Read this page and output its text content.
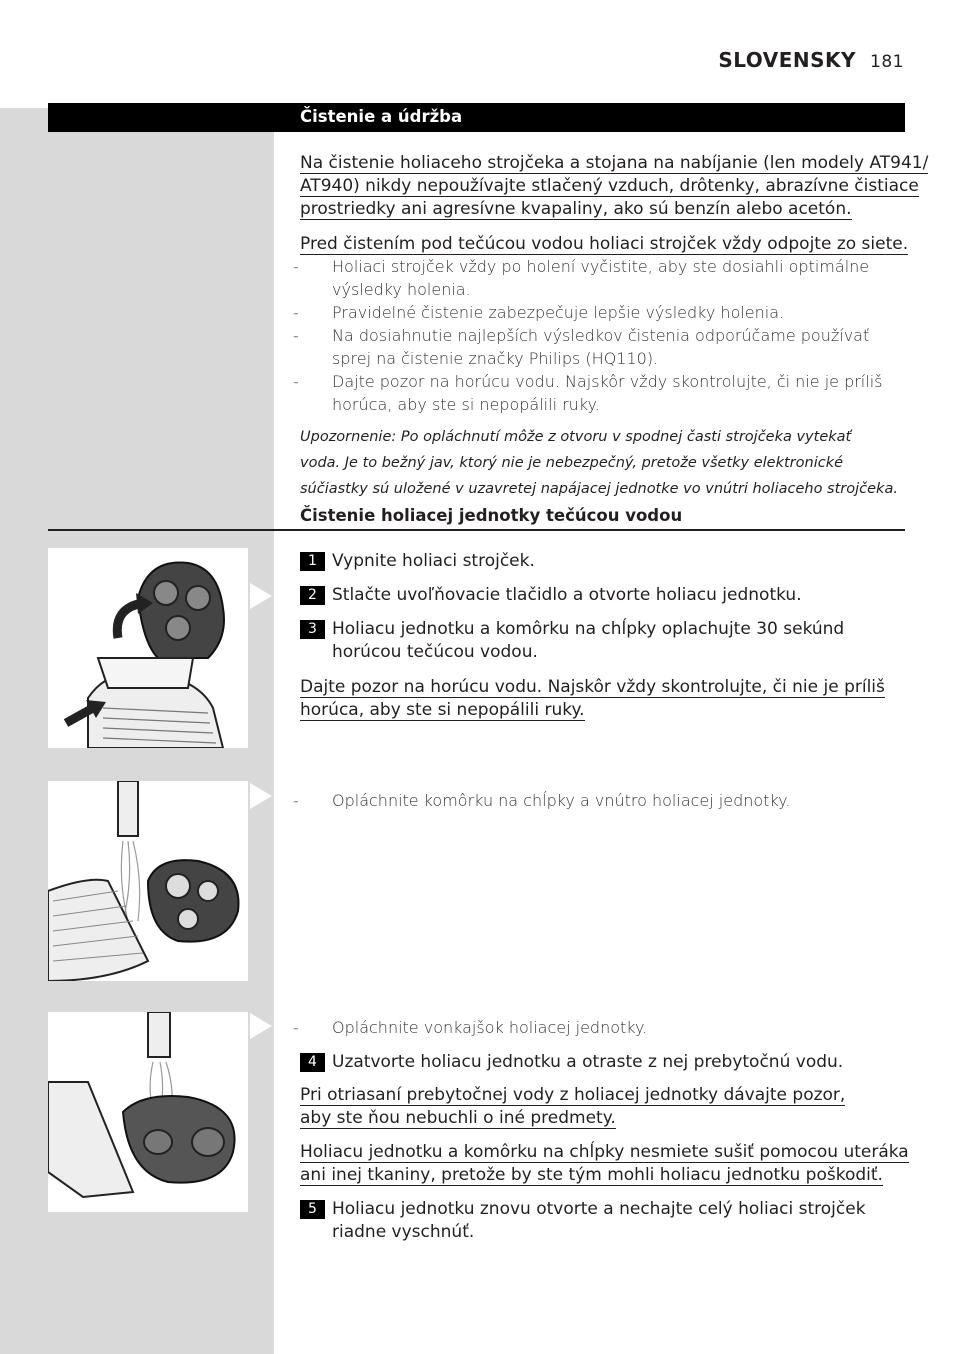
SLOVENSKY 181
Čistenie a údržba
Na čistenie holiaceho strojčeka a stojana na nabíjanie (len modely AT941/
AT940) nikdy nepoužívajte stlačený vzduch, drôtenky, abrazívne čistiace
prostriedky ani agresívne kvapaliny, ako sú benzín alebo acetón.
Pred čistením pod tečúcou vodou holiaci strojček vždy odpojte zo siete.
- Holiaci strojček vždy po holení vyčistite, aby ste dosiahli optimálne
výsledky holenia.
- Pravidelné čistenie zabezpečuje lepšie výsledky holenia.
- Na dosiahnutie najlepších výsledkov čistenia odporúčame používať
sprej na čistenie značky Philips (HQ110).
- Dajte pozor na horúcu vodu. Najskôr vždy skontrolujte, či nie je príliš
horúca, aby ste si nepopálili ruky.
Upozornenie: Po opláchnutí môže z otvoru v spodnej časti strojčeka vytekať
voda. Je to bežný jav, ktorý nie je nebezpečný, pretože všetky elektronické
súčiastky sú uložené v uzavretej napájacej jednotke vo vnútri holiaceho strojčeka.
Čistenie holiacej jednotky tečúcou vodou
1 Vypnite holiaci strojček.
2 Stlačte uvoľňovacie tlačidlo a otvorte holiacu jednotku.
3 Holiacu jednotku a komôrku na chĺpky oplachujte 30 sekúnd
horúcou tečúcou vodou.
Dajte pozor na horúcu vodu. Najskôr vždy skontrolujte, či nie je príliš
horúca, aby ste si nepopálili ruky.
- Opláchnite komôrku na chĺpky a vnútro holiacej jednotky.
- Opláchnite vonkajšok holiacej jednotky.
4 Uzatvorte holiacu jednotku a otraste z nej prebytočnú vodu.
Pri otriasaní prebytočnej vody z holiacej jednotky dávajte pozor,
aby ste ňou nebuchli o iné predmety.
Holiacu jednotku a komôrku na chĺpky nesmiete sušiť pomocou uteráka
ani inej tkaniny, pretože by ste tým mohli holiacu jednotku poškodiť.
5 Holiacu jednotku znovu otvorte a nechajte celý holiaci strojček
riadne vyschnúť.
